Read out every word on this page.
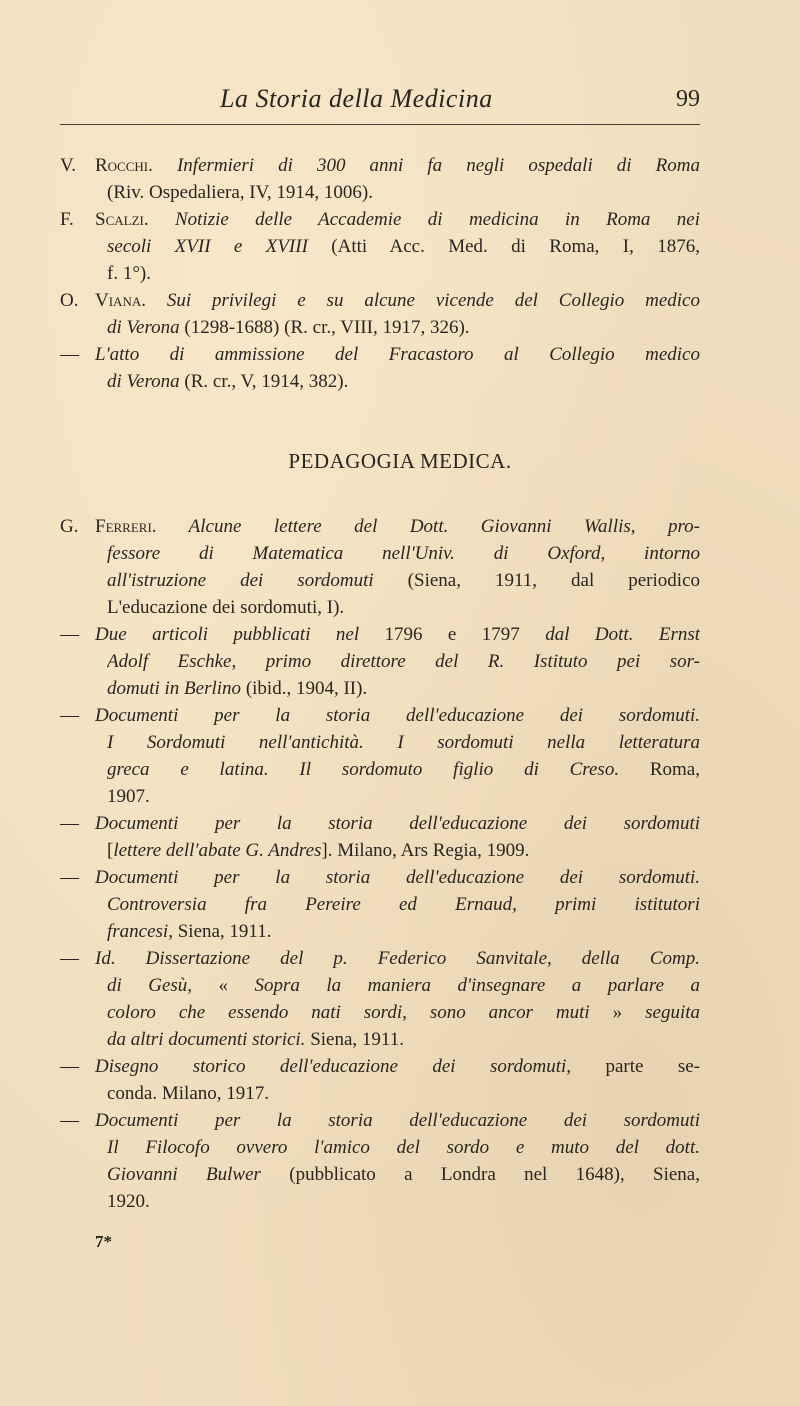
La Storia della Medicina	99
V. Rocchi. Infermieri di 300 anni fa negli ospedali di Roma
(Riv. Ospedaliera, IV, 1914, 1006).
F. Scalzi. Notizie delle Accademie di medicina in Roma nei
secoli XVII e XVIII (Atti Acc. Med. di Roma, I, 1876,
f. 1°).
O. Viana. Sui privilegi e su alcune vicende del Collegio medico
di Verona (1298-1688) (R. cr., VIII, 1917, 326).
— L'atto di ammissione del Fracastoro al Collegio medico
di Verona (R. cr., V, 1914, 382).
PEDAGOGIA MEDICA.
G. Ferreri. Alcune lettere del Dott. Giovanni Wallis, pro-
fessore di Matematica nell'Univ. di Oxford, intorno
all'istruzione dei sordomuti (Siena, 1911, dal periodico
L'educazione dei sordomuti, I).
— Due articoli pubblicati nel 1796 e 1797 dal Dott. Ernst
Adolf Eschke, primo direttore del R. Istituto pei sor-
domuti in Berlino (ibid., 1904, II).
— Documenti per la storia dell'educazione dei sordomuti.
I Sordomuti nell'antichità. I sordomuti nella letteratura
greca e latina. Il sordomuto figlio di Creso. Roma,
1907.
— Documenti per la storia dell'educazione dei sordomuti
[lettere dell'abate G. Andres]. Milano, Ars Regia, 1909.
— Documenti per la storia dell'educazione dei sordomuti.
Controversia fra Pereire ed Ernaud, primi istitutori
francesi, Siena, 1911.
— Id. Dissertazione del p. Federico Sanvitale, della Comp.
di Gesù, « Sopra la maniera d'insegnare a parlare a
coloro che essendo nati sordi, sono ancor muti » seguita
da altri documenti storici. Siena, 1911.
— Disegno storico dell'educazione dei sordomuti, parte se-
conda. Milano, 1917.
— Documenti per la storia dell'educazione dei sordomuti
Il Filocofo ovvero l'amico del sordo e muto del dott.
Giovanni Bulwer (pubblicato a Londra nel 1648), Siena,
1920.
7*
